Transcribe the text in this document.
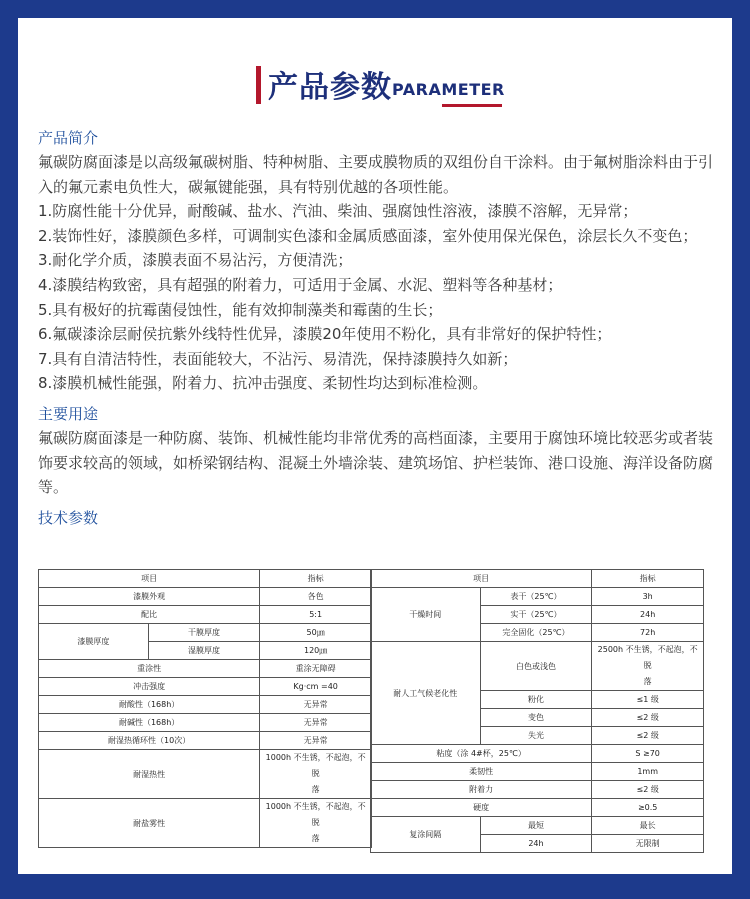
产品参数 PARAMETER
产品简介
氟碳防腐面漆是以高级氟碳树脂、特种树脂、主要成膜物质的双组份自干涂料。由于氟树脂涂料由于引入的氟元素电负性大，碳氟键能强，具有特别优越的各项性能。
1.防腐性能十分优异，耐酸碱、盐水、汽油、柴油、强腐蚀性溶液，漆膜不溶解，无异常；
2.装饰性好，漆膜颜色多样，可调制实色漆和金属质感面漆，室外使用保光保色，涂层长久不变色；
3.耐化学介质，漆膜表面不易沾污，方便清洗；
4.漆膜结构致密，具有超强的附着力，可适用于金属、水泥、塑料等各种基材；
5.具有极好的抗霉菌侵蚀性，能有效抑制藻类和霉菌的生长；
6.氟碳漆涂层耐侯抗紫外线特性优异，漆膜20年使用不粉化，具有非常好的保护特性；
7.具有自清洁特性，表面能较大，不沾污、易清洗，保持漆膜持久如新；
8.漆膜机械性能强，附着力、抗冲击强度、柔韧性均达到标准检测。
主要用途
氟碳防腐面漆是一种防腐、装饰、机械性能均非常优秀的高档面漆，主要用于腐蚀环境比较恶劣或者装饰要求较高的领域，如桥梁钢结构、混凝土外墙涂装、建筑场馆、护栏装饰、港口设施、海洋设备防腐等。
技术参数
项目		指标
漆膜外观		各色
配比		5:1
漆膜厚度	干膜厚度	50㎛
	湿膜厚度	120㎛
重涂性		重涂无障碍
冲击强度		Kg·cm =40
耐酸性（168h）		无异常
耐碱性（168h）		无异常
耐湿热循环性（10次）		无异常
耐湿热性		1000h 不生锈，不起泡，不脱
落

耐盐雾性		1000h 不生锈，不起泡，不脱
落
项目		指标
干燥时间	表干（25℃）	3h
	实干（25℃）	24h
	完全固化（25℃）	72h
耐人工气候老化性	白色或浅色	2500h 不生锈，不起泡，不脱
落

	粉化	≤1 级
	变色	≤2 级
	失光	≤2 级
粘度（涂 4#杯，25℃）		S ≥70
柔韧性		1mm
附着力		≤2 级
硬度		≥0.5
复涂间隔	最短	最长
	24h	无限制
